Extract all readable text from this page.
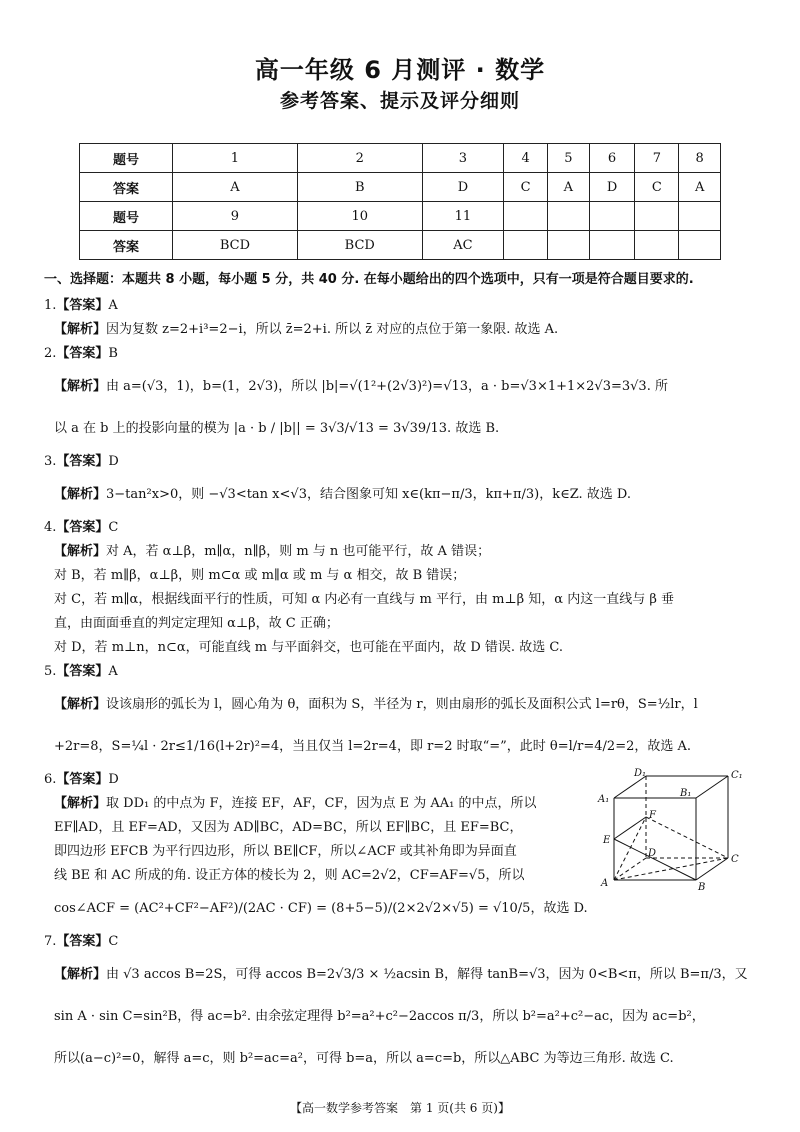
高一年级 6 月测评 · 数学
参考答案、提示及评分细则
题号	1	2	3	4	5	6	7	8
答案	A	B	D	C	A	D	C	A
题号	9	10	11					
答案	BCD	BCD	AC					

一、选择题：本题共 8 小题，每小题 5 分，共 40 分. 在每小题给出的四个选项中，只有一项是符合题目要求的.

1.【答案】A

【解析】因为复数 z=2+i³=2−i，所以 z̄=2+i. 所以 z̄ 对应的点位于第一象限. 故选 A.

2.【答案】B

【解析】由 a=(√3，1)，b=(1，2√3)，所以 |b|=√(1²+(2√3)²)=√13，a · b=√3×1+1×2√3=3√3. 所

以 a 在 b 上的投影向量的模为 |a · b / |b|| = 3√3/√13 = 3√39/13. 故选 B.

3.【答案】D

【解析】3−tan²x>0，则 −√3<tan x<√3，结合图象可知 x∈(kπ−π/3，kπ+π/3)，k∈Z. 故选 D.

4.【答案】C

【解析】对 A，若 α⊥β，m∥α，n∥β，则 m 与 n 也可能平行，故 A 错误；

对 B，若 m∥β，α⊥β，则 m⊂α 或 m∥α 或 m 与 α 相交，故 B 错误；

对 C，若 m∥α，根据线面平行的性质，可知 α 内必有一直线与 m 平行，由 m⊥β 知，α 内这一直线与 β 垂

直，由面面垂直的判定定理知 α⊥β，故 C 正确；

对 D，若 m⊥n，n⊂α，可能直线 m 与平面斜交，也可能在平面内，故 D 错误. 故选 C.

5.【答案】A

【解析】设该扇形的弧长为 l，圆心角为 θ，面积为 S，半径为 r，则由扇形的弧长及面积公式 l=rθ，S=½lr，l

+2r=8，S=¼l · 2r≤1/16(l+2r)²=4，当且仅当 l=2r=4，即 r=2 时取“=”，此时 θ=l/r=4/2=2，故选 A.

6.【答案】D

【解析】取 DD₁ 的中点为 F，连接 EF，AF，CF，因为点 E 为 AA₁ 的中点，所以

EF∥AD，且 EF=AD，又因为 AD∥BC，AD=BC，所以 EF∥BC，且 EF=BC，

即四边形 EFCB 为平行四边形，所以 BE∥CF，所以∠ACF 或其补角即为异面直

线 BE 和 AC 所成的角. 设正方体的棱长为 2，则 AC=2√2，CF=AF=√5，所以

cos∠ACF = (AC²+CF²−AF²)/(2AC · CF) = (8+5−5)/(2×2√2×√5) = √10/5，故选 D.

7.【答案】C

【解析】由 √3 accos B=2S，可得 accos B=2√3/3 × ½acsin B，解得 tanB=√3，因为 0<B<π，所以 B=π/3，又

sin A · sin C=sin²B，得 ac=b². 由余弦定理得 b²=a²+c²−2accos π/3，所以 b²=a²+c²−ac，因为 ac=b²，

所以(a−c)²=0，解得 a=c，则 b²=ac=a²，可得 b=a，所以 a=c=b，所以△ABC 为等边三角形. 故选 C.

D₁	C₁
A₁
B₁
F
E
D
C
A	B
【高一数学参考答案　第 1 页(共 6 页)】
